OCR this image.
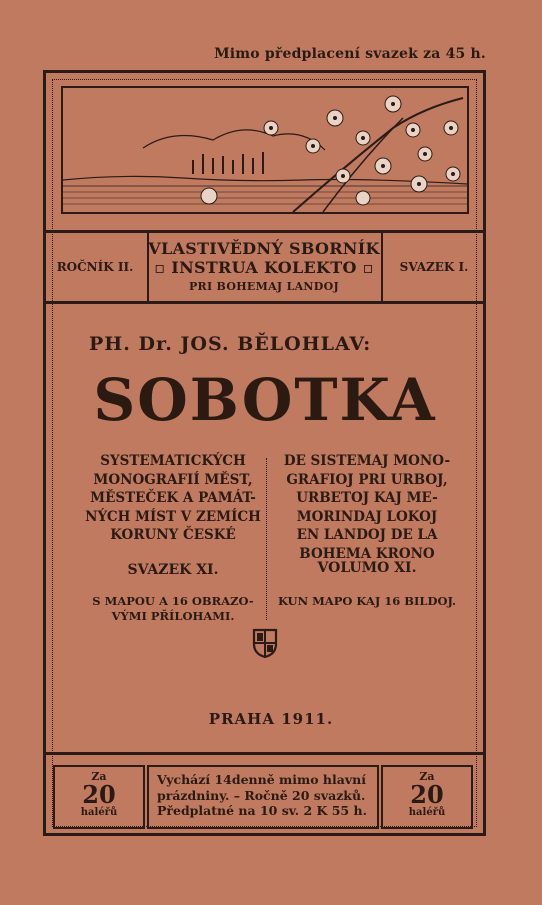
Mimo předplacení svazek za 45 h.
ROČNÍK II.
VLASTIVĚDNÝ SBORNÍK
▫ INSTRUA KOLEKTO ▫
PRI BOHEMAJ LANDOJ
SVAZEK I.
PH. Dr. JOS. BĚLOHLAV:
SOBOTKA
SYSTEMATICKÝCH
MONOGRAFIÍ MĚST,
MĚSTEČEK A PAMÁT-
NÝCH MÍST V ZEMÍCH
KORUNY ČESKÉ
DE SISTEMAJ MONO-
GRAFIOJ PRI URBOJ,
URBETOJ KAJ ME-
MORINDAJ LOKOJ
EN LANDOJ DE LA
BOHEMA KRONO
SVAZEK XI.	VOLUMO XI.
S MAPOU A 16 OBRAZO-
VÝMI PŘÍLOHAMI.
KUN MAPO KAJ 16 BILDOJ.
PRAHA 1911.
Za
20
haléřů
Vychází 14denně mimo hlavní
prázdniny. – Ročně 20 svazků.
Předplatné na 10 sv. 2 K 55 h.
Za
20
haléřů
